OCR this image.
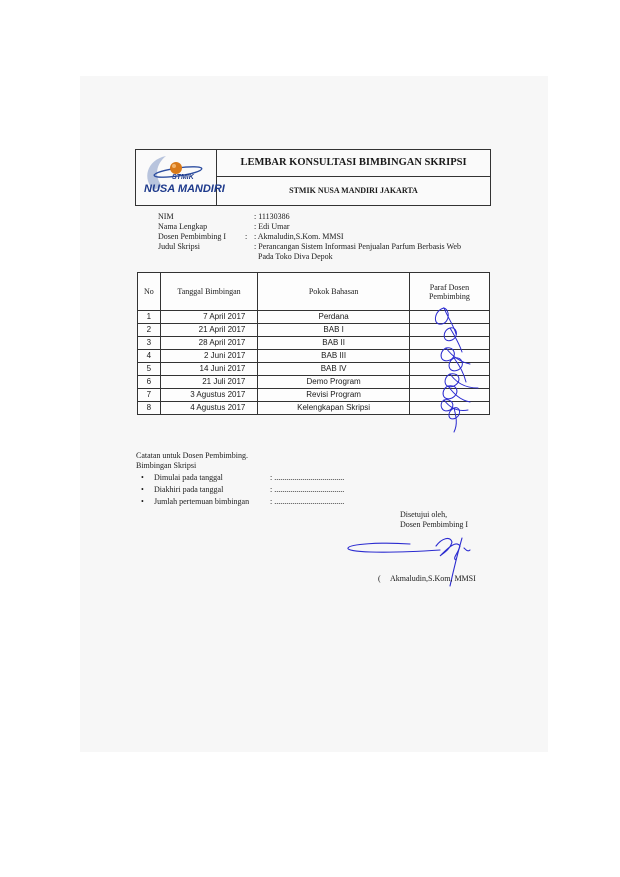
STMIK
NUSA MANDIRI
LEMBAR KONSULTASI BIMBINGAN SKRIPSI
STMIK NUSA MANDIRI JAKARTA
NIM	: 11130386
Nama Lengkap	: Edi Umar
Dosen Pembimbing I : : Akmaludin,S.Kom. MMSI
Judul Skripsi	: Perancangan Sistem Informasi Penjualan Parfum Berbasis Web
Pada Toko Diva Depok
No	Tanggal Bimbingan	Pokok Bahasan	Paraf Dosen
Pembimbing
1	7 April 2017	Perdana	
2	21 April 2017	BAB I	
3	28 April 2017	BAB II	
4	2 Juni 2017	BAB III	
5	14 Juni 2017	BAB IV	
6	21 Juli 2017	Demo Program	
7	3 Agustus 2017	Revisi Program	
8	4 Agustus 2017	Kelengkapan Skripsi	
Catatan untuk Dosen Pembimbing.
Bimbingan Skripsi
• Dimulai pada tanggal	: ...................................
• Diakhiri pada tanggal	: ...................................
• Jumlah pertemuan bimbingan	: ...................................
Disetujui oleh,
Dosen Pembimbing I
( Akmaludin,S.Kom, MMSI
